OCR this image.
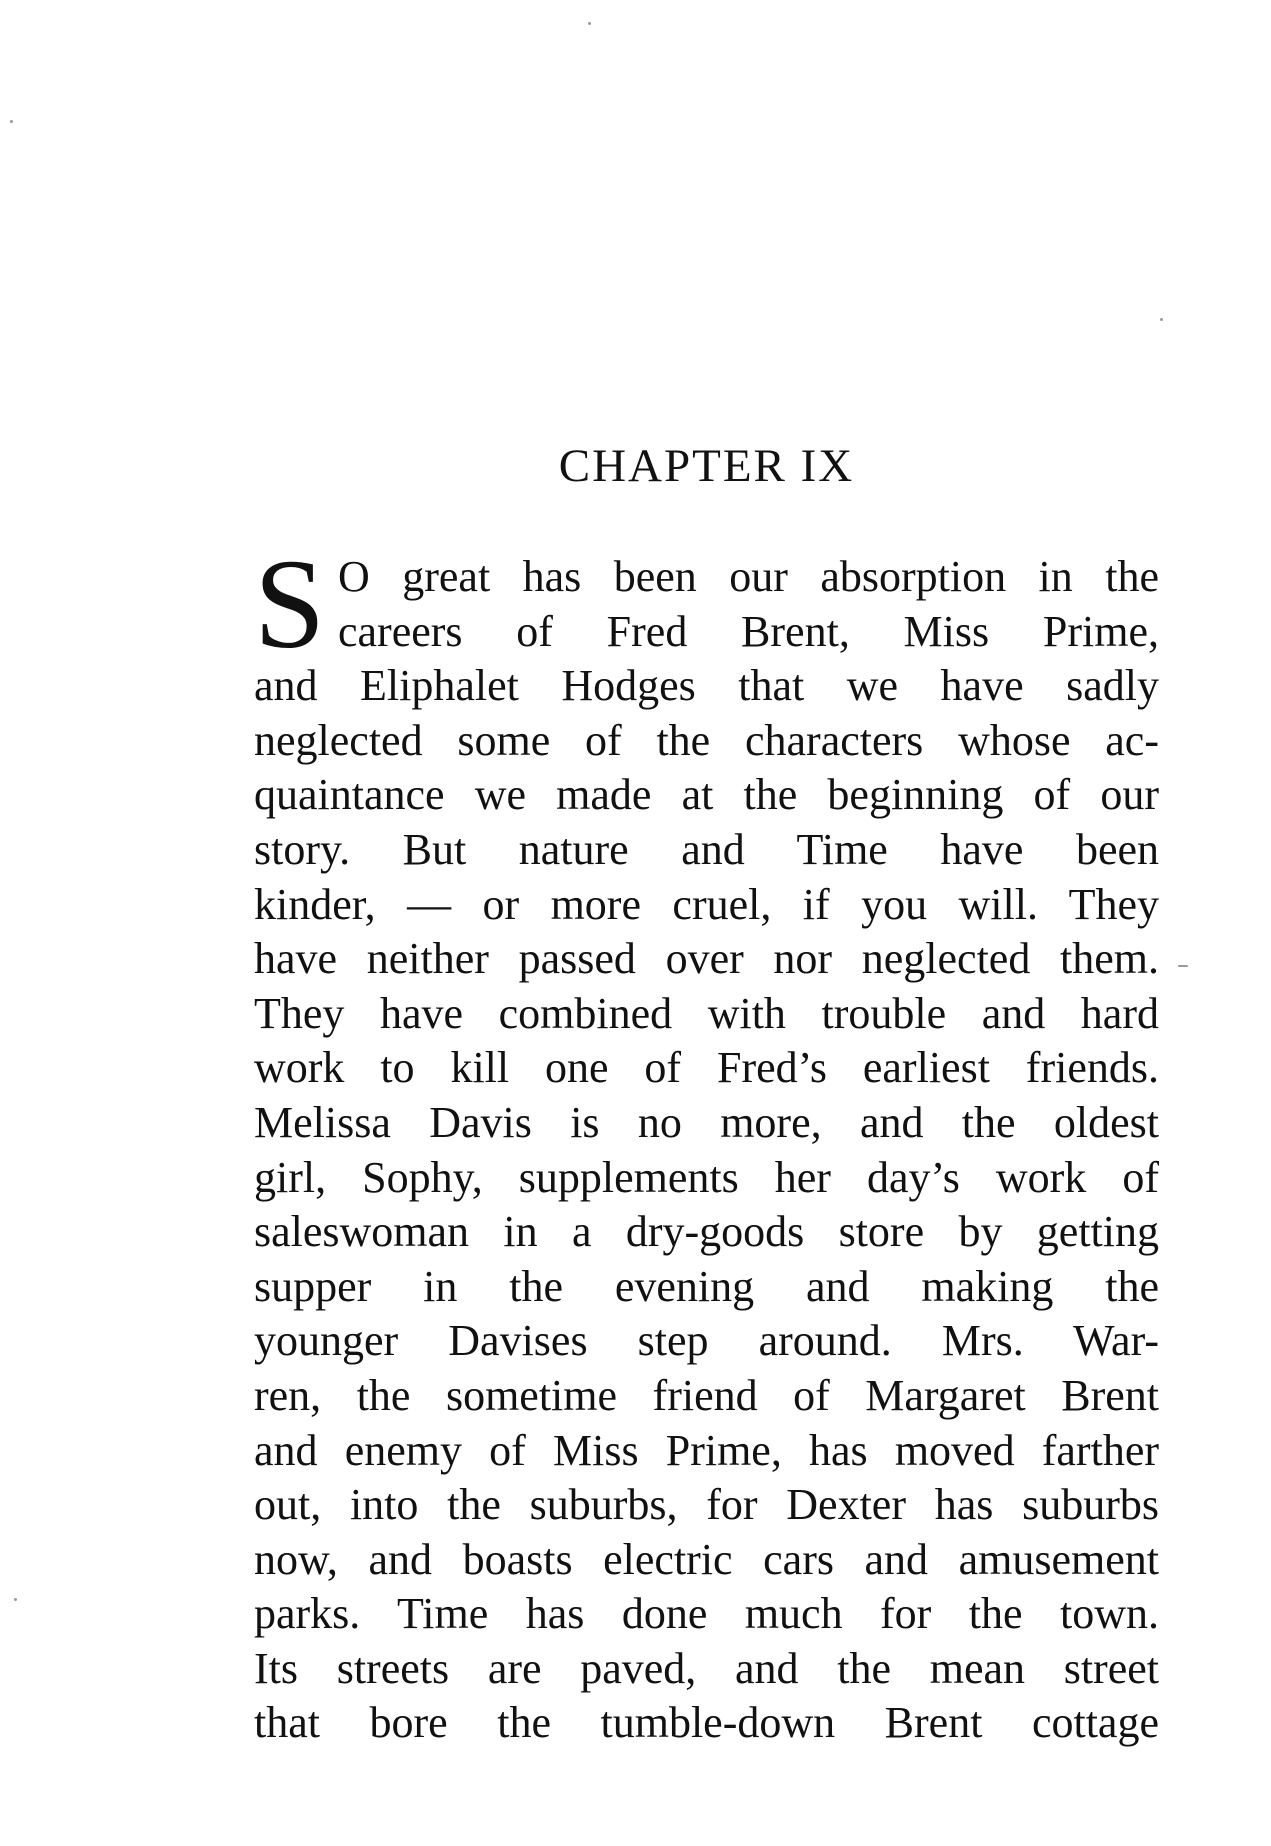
CHAPTER IX
S O great has been our absorption in the
careers of Fred Brent, Miss Prime,
and Eliphalet Hodges that we have sadly
neglected some of the characters whose ac-
quaintance we made at the beginning of our
story. But nature and Time have been
kinder, — or more cruel, if you will. They
have neither passed over nor neglected them.
They have combined with trouble and hard
work to kill one of Fred’s earliest friends.
Melissa Davis is no more, and the oldest
girl, Sophy, supplements her day’s work of
saleswoman in a dry-goods store by getting
supper in the evening and making the
younger Davises step around. Mrs. War-
ren, the sometime friend of Margaret Brent
and enemy of Miss Prime, has moved farther
out, into the suburbs, for Dexter has suburbs
now, and boasts electric cars and amusement
parks. Time has done much for the town.
Its streets are paved, and the mean street
that bore the tumble-down Brent cottage
